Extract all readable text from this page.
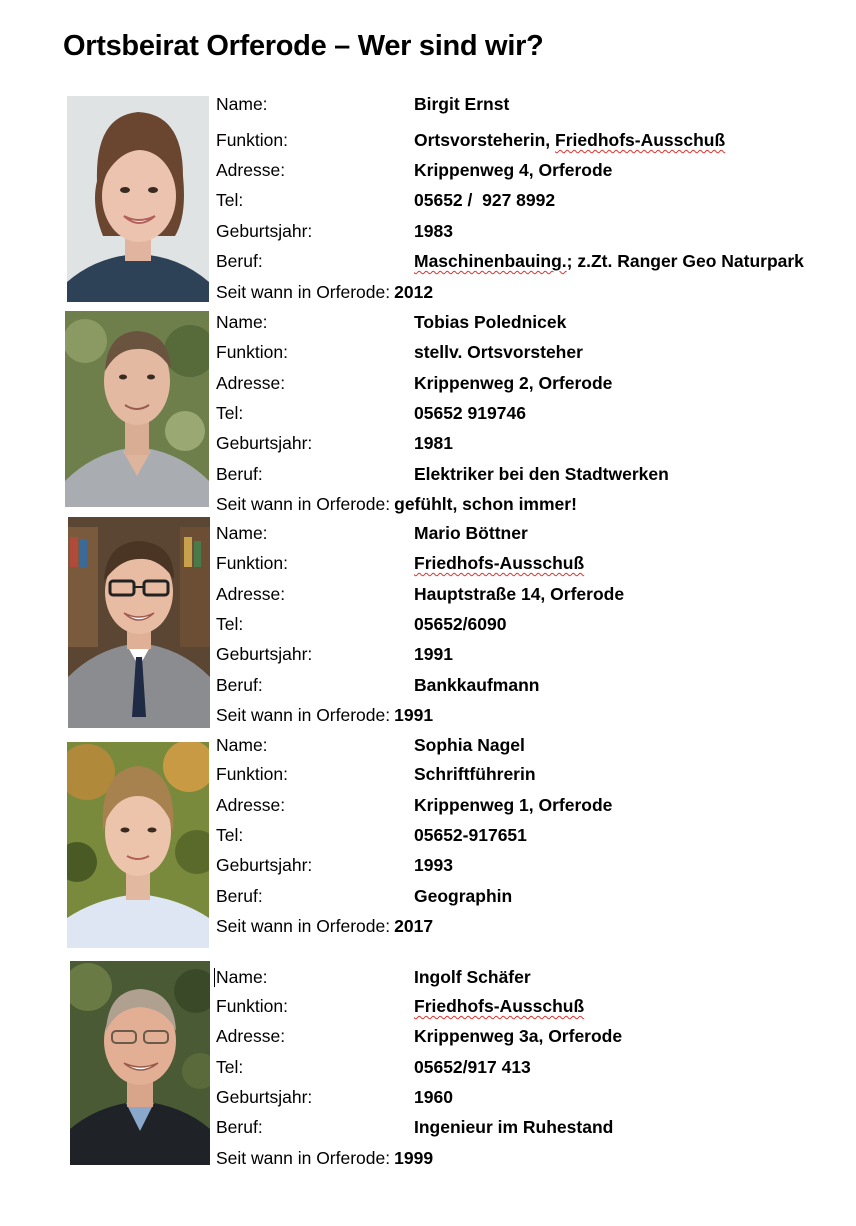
Ortsbeirat Orferode – Wer sind wir?
Name:	Birgit Ernst
Funktion:	Ortsvorsteherin, Friedhofs-Ausschuß
Adresse:	Krippenweg 4, Orferode
Tel:	05652 /  927 8992
Geburtsjahr:	1983
Beruf:	Maschinenbauing.; z.Zt. Ranger Geo Naturpark
Seit wann in Orferode: 2012
Name:	Tobias Polednicek
Funktion:	stellv. Ortsvorsteher
Adresse:	Krippenweg 2, Orferode
Tel:	05652 919746
Geburtsjahr:	1981
Beruf:	Elektriker bei den Stadtwerken
Seit wann in Orferode: gefühlt, schon immer!
Name:	Mario Böttner
Funktion:	Friedhofs-Ausschuß
Adresse:	Hauptstraße 14, Orferode
Tel:	05652/6090
Geburtsjahr:	1991
Beruf:	Bankkaufmann
Seit wann in Orferode: 1991
Name:	Sophia Nagel
Funktion:	Schriftführerin
Adresse:	Krippenweg 1, Orferode
Tel:	05652-917651
Geburtsjahr:	1993
Beruf:	Geographin
Seit wann in Orferode: 2017
Name:	Ingolf Schäfer
Funktion:	Friedhofs-Ausschuß
Adresse:	Krippenweg 3a, Orferode
Tel:	05652/917 413
Geburtsjahr:	1960
Beruf:	Ingenieur im Ruhestand
Seit wann in Orferode: 1999
